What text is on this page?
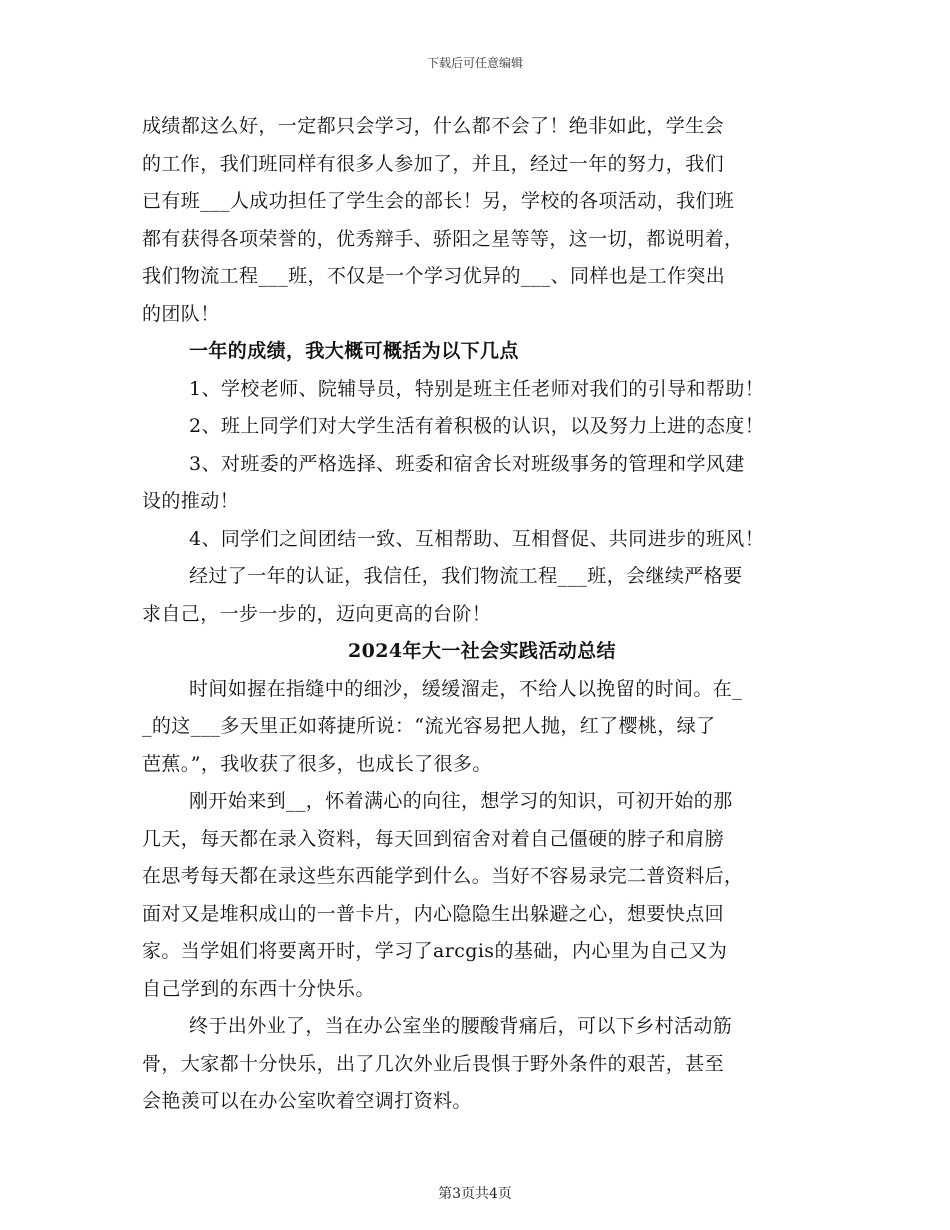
下载后可任意编辑
成绩都这么好，一定都只会学习，什么都不会了！绝非如此，学生会
的工作，我们班同样有很多人参加了，并且，经过一年的努力，我们
已有班___人成功担任了学生会的部长！另，学校的各项活动，我们班
都有获得各项荣誉的，优秀辩手、骄阳之星等等，这一切，都说明着，
我们物流工程___班，不仅是一个学习优异的___、同样也是工作突出
的团队！
一年的成绩，我大概可概括为以下几点
1、学校老师、院辅导员，特别是班主任老师对我们的引导和帮助！
2、班上同学们对大学生活有着积极的认识，以及努力上进的态度！
3、对班委的严格选择、班委和宿舍长对班级事务的管理和学风建
设的推动！
4、同学们之间团结一致、互相帮助、互相督促、共同进步的班风！
经过了一年的认证，我信任，我们物流工程___班，会继续严格要
求自己，一步一步的，迈向更高的台阶！
2024年大一社会实践活动总结
时间如握在指缝中的细沙，缓缓溜走，不给人以挽留的时间。在_
_的这___多天里正如蒋捷所说：“流光容易把人抛，红了樱桃，绿了
芭蕉。”，我收获了很多，也成长了很多。
刚开始来到__，怀着满心的向往，想学习的知识，可初开始的那
几天，每天都在录入资料，每天回到宿舍对着自己僵硬的脖子和肩膀
在思考每天都在录这些东西能学到什么。当好不容易录完二普资料后，
面对又是堆积成山的一普卡片，内心隐隐生出躲避之心，想要快点回
家。当学姐们将要离开时，学习了arcgis的基础，内心里为自己又为
自己学到的东西十分快乐。
终于出外业了，当在办公室坐的腰酸背痛后，可以下乡村活动筋
骨，大家都十分快乐，出了几次外业后畏惧于野外条件的艰苦，甚至
会艳羡可以在办公室吹着空调打资料。
第3页共4页
